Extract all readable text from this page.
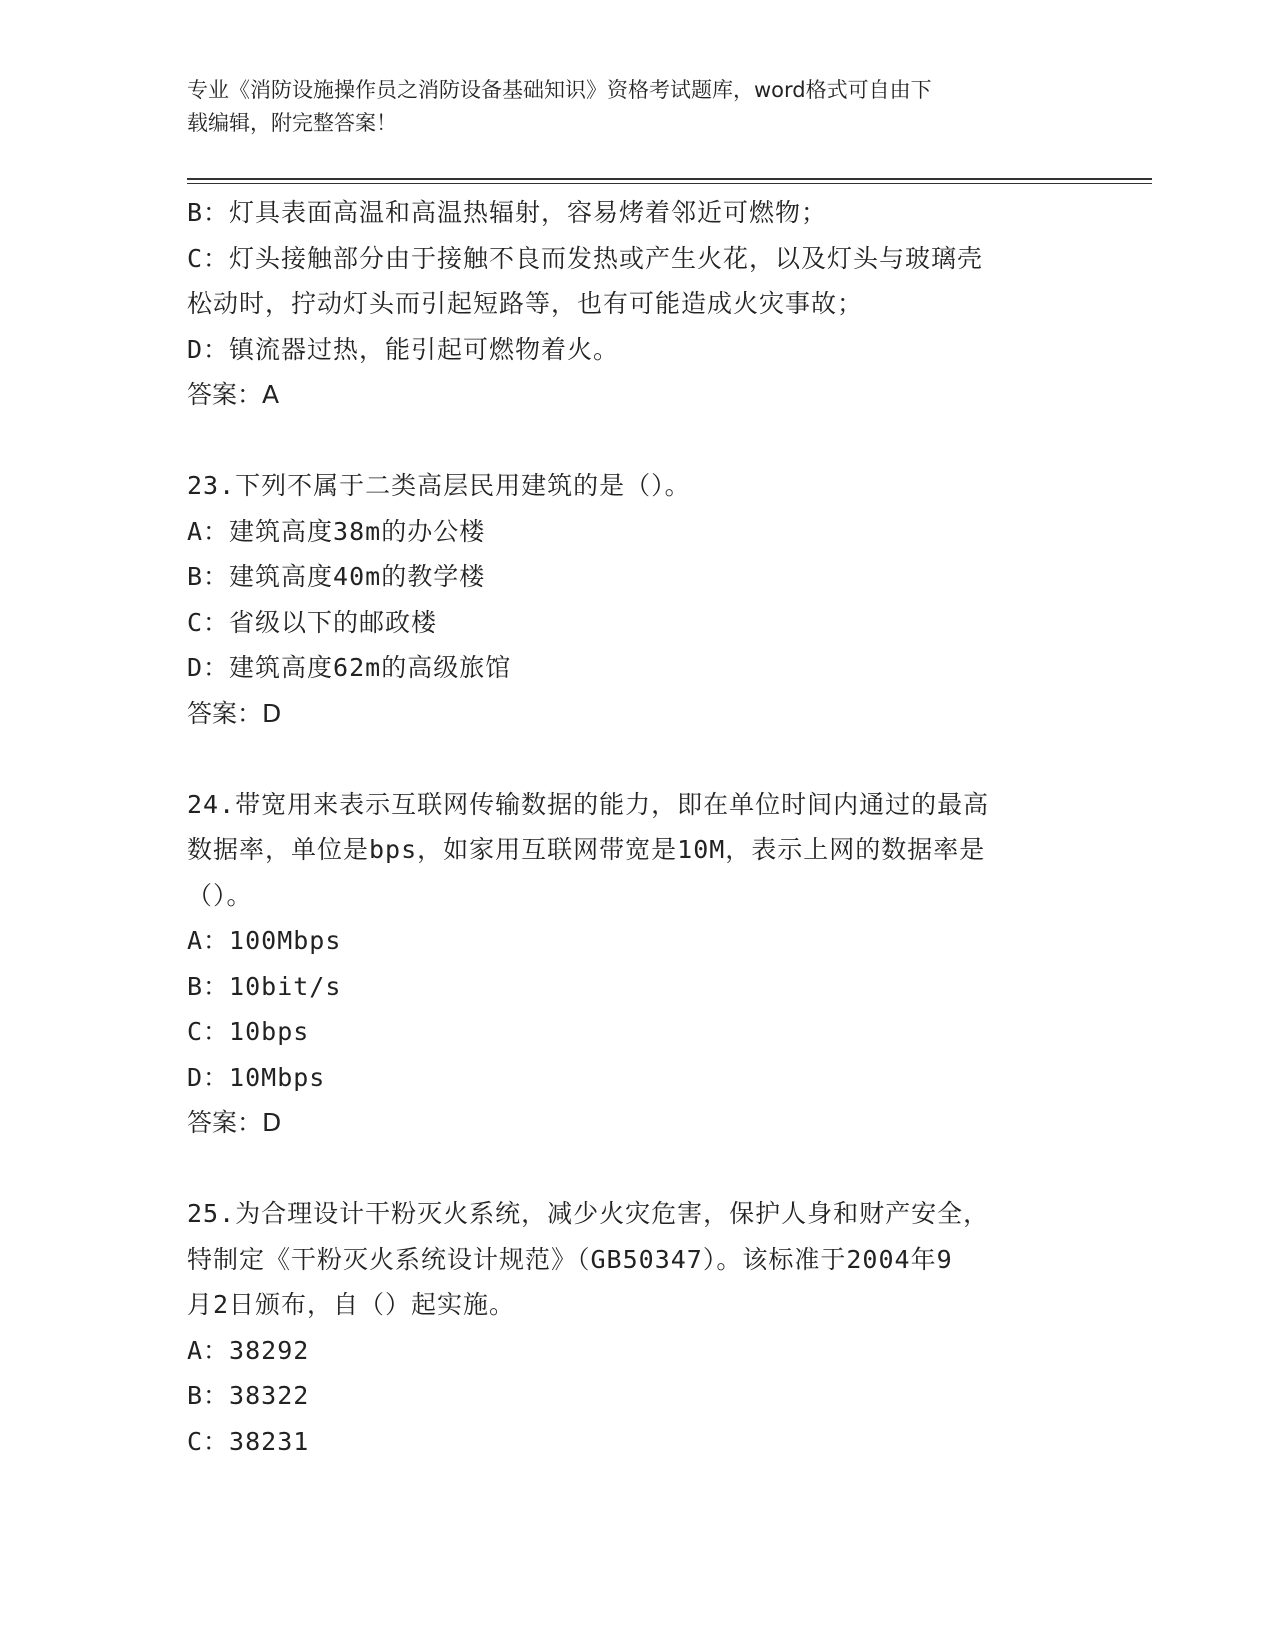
专业《消防设施操作员之消防设备基础知识》资格考试题库，word格式可自由下
载编辑，附完整答案！
B：灯具表面高温和高温热辐射，容易烤着邻近可燃物；
C：灯头接触部分由于接触不良而发热或产生火花，以及灯头与玻璃壳
松动时，拧动灯头而引起短路等，也有可能造成火灾事故；
D：镇流器过热，能引起可燃物着火。
答案：A
23.下列不属于二类高层民用建筑的是（）。
A：建筑高度38m的办公楼
B：建筑高度40m的教学楼
C：省级以下的邮政楼
D：建筑高度62m的高级旅馆
答案：D
24.带宽用来表示互联网传输数据的能力，即在单位时间内通过的最高
数据率，单位是bps，如家用互联网带宽是10M，表示上网的数据率是
（）。
A：100Mbps
B：10bit/s
C：10bps
D：10Mbps
答案：D
25.为合理设计干粉灭火系统，减少火灾危害，保护人身和财产安全，
特制定《干粉灭火系统设计规范》（GB50347）。该标准于2004年9
月2日颁布，自（）起实施。
A：38292
B：38322
C：38231
